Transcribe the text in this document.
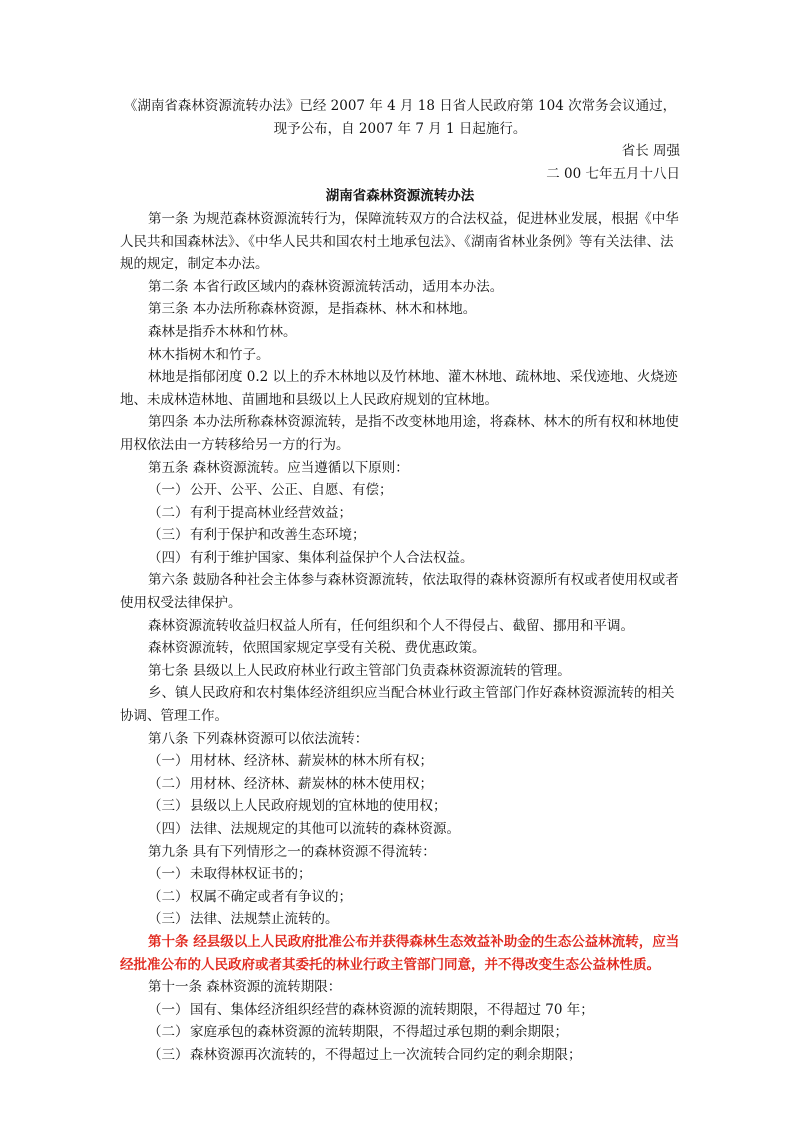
《湖南省森林资源流转办法》已经 2007 年 4 月 18 日省人民政府第 104 次常务会议通过，
现予公布，自 2007 年 7 月 1 日起施行。
省长 周强
二 00 七年五月十八日
湖南省森林资源流转办法

第一条 为规范森林资源流转行为，保障流转双方的合法权益，促进林业发展，根据《中华人民共和国森林法》、《中华人民共和国农村土地承包法》、《湖南省林业条例》等有关法律、法规的规定，制定本办法。

第二条 本省行政区域内的森林资源流转活动，适用本办法。

第三条 本办法所称森林资源，是指森林、林木和林地。

森林是指乔木林和竹林。

林木指树木和竹子。

林地是指郁闭度 0.2 以上的乔木林地以及竹林地、灌木林地、疏林地、采伐迹地、火烧迹地、未成林造林地、苗圃地和县级以上人民政府规划的宜林地。

第四条 本办法所称森林资源流转，是指不改变林地用途，将森林、林木的所有权和林地使用权依法由一方转移给另一方的行为。

第五条 森林资源流转。应当遵循以下原则：

（一） 公开、公平、公正、自愿、有偿；
（二） 有利于提高林业经营效益；
（三） 有利于保护和改善生态环境；
（四） 有利于维护国家、集体利益保护个人合法权益。

第六条 鼓励各种社会主体参与森林资源流转，依法取得的森林资源所有权或者使用权或者使用权受法律保护。

森林资源流转收益归权益人所有，任何组织和个人不得侵占、截留、挪用和平调。

森林资源流转，依照国家规定享受有关税、费优惠政策。

第七条 县级以上人民政府林业行政主管部门负责森林资源流转的管理。

乡、镇人民政府和农村集体经济组织应当配合林业行政主管部门作好森林资源流转的相关协调、管理工作。

第八条 下列森林资源可以依法流转：

（一） 用材林、经济林、薪炭林的林木所有权；
（二） 用材林、经济林、薪炭林的林木使用权；
（三） 县级以上人民政府规划的宜林地的使用权；
（四） 法律、法规规定的其他可以流转的森林资源。

第九条 具有下列情形之一的森林资源不得流转：

（一） 未取得林权证书的；
（二） 权属不确定或者有争议的；
（三） 法律、法规禁止流转的。

第十条 经县级以上人民政府批准公布并获得森林生态效益补助金的生态公益林流转，应当经批准公布的人民政府或者其委托的林业行政主管部门同意，并不得改变生态公益林性质。

第十一条 森林资源的流转期限：

（一） 国有、集体经济组织经营的森林资源的流转期限，不得超过 70 年；
（二） 家庭承包的森林资源的流转期限，不得超过承包期的剩余期限；
（三） 森林资源再次流转的，不得超过上一次流转合同约定的剩余期限；
